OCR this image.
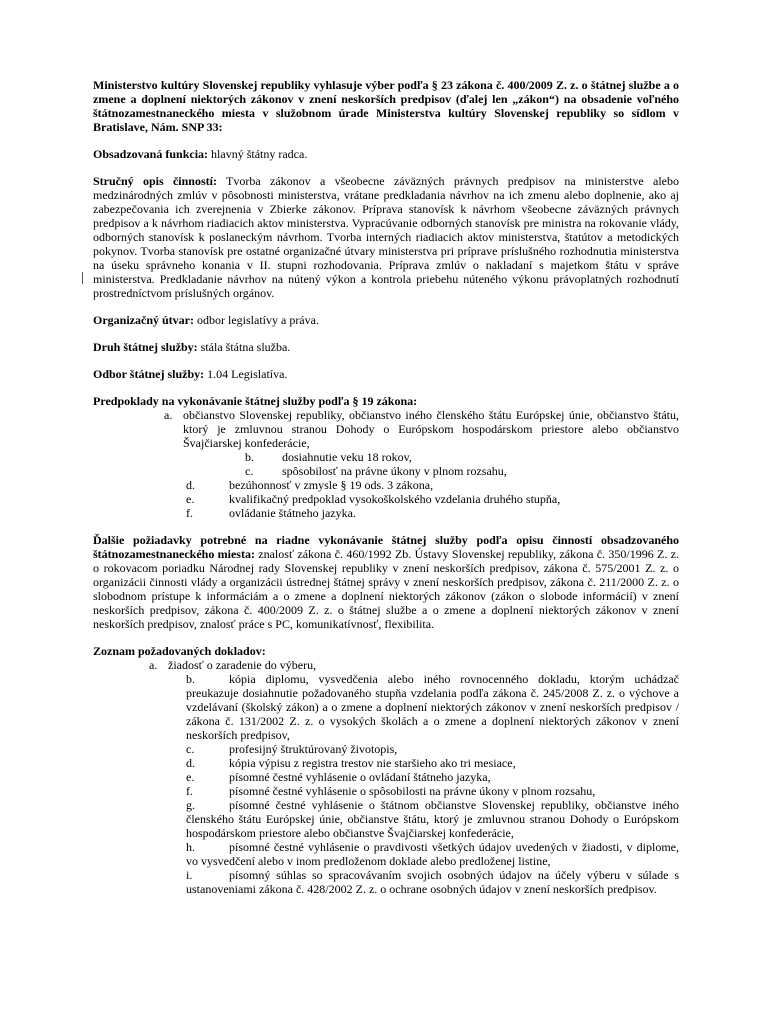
Ministerstvo kultúry Slovenskej republiky vyhlasuje výber podľa § 23 zákona č. 400/2009 Z. z. o štátnej službe a o zmene a doplnení niektorých zákonov v znení neskorších predpisov (ďalej len „zákon“) na obsadenie voľného štátnozamestnaneckého miesta v služobnom úrade Ministerstva kultúry Slovenskej republiky so sídlom v Bratislave, Nám. SNP 33:

Obsadzovaná funkcia: hlavný štátny radca.

Stručný opis činností: Tvorba zákonov a všeobecne záväzných právnych predpisov na ministerstve alebo medzinárodných zmlúv v pôsobnosti ministerstva, vrátane predkladania návrhov na ich zmenu alebo doplnenie, ako aj zabezpečovania ich zverejnenia v Zbierke zákonov. Príprava stanovísk k návrhom všeobecne záväzných právnych predpisov a k návrhom riadiacich aktov ministerstva. Vypracúvanie odborných stanovísk pre ministra na rokovanie vlády, odborných stanovísk k poslaneckým návrhom. Tvorba interných riadiacich aktov ministerstva, štatútov a metodických pokynov. Tvorba stanovísk pre ostatné organizačné útvary ministerstva pri príprave príslušného rozhodnutia ministerstva na úseku správneho konania v II. stupni rozhodovania. Príprava zmlúv o nakladaní s majetkom štátu v správe ministerstva. Predkladanie návrhov na nútený výkon a kontrola priebehu núteného výkonu právoplatných rozhodnutí prostredníctvom príslušných orgánov.

Organizačný útvar: odbor legislatívy a práva.

Druh štátnej služby: stála štátna služba.

Odbor štátnej služby: 1.04 Legislatíva.

Predpoklady na vykonávanie štátnej služby podľa § 19 zákona:

a. občianstvo Slovenskej republiky, občianstvo iného členského štátu Európskej únie, občianstvo štátu, ktorý je zmluvnou stranou Dohody o Európskom hospodárskom priestore alebo občianstvo Švajčiarskej konfederácie,
b.	dosiahnutie veku 18 rokov,
c.	spôsobilosť na právne úkony v plnom rozsahu,
d.	bezúhonnosť v zmysle § 19 ods. 3 zákona,
e.	kvalifikačný predpoklad vysokoškolského vzdelania druhého stupňa,
f.	ovládanie štátneho jazyka.

Ďalšie požiadavky potrebné na riadne vykonávanie štátnej služby podľa opisu činností obsadzovaného štátnozamestnaneckého miesta: znalosť zákona č. 460/1992 Zb. Ústavy Slovenskej republiky, zákona č. 350/1996 Z. z. o rokovacom poriadku Národnej rady Slovenskej republiky v znení neskorších predpisov, zákona č. 575/2001 Z. z. o organizácii činnosti vlády a organizácii ústrednej štátnej správy v znení neskorších predpisov, zákona č. 211/2000 Z. z. o slobodnom prístupe k informáciám a o zmene a doplnení niektorých zákonov (zákon o slobode informácií) v znení neskorších predpisov, zákona č. 400/2009 Z. z. o štátnej službe a o zmene a doplnení niektorých zákonov v znení neskorších predpisov, znalosť práce s PC, komunikatívnosť, flexibilita.

Zoznam požadovaných dokladov:

a. žiadosť o zaradenie do výberu,

b.	kópia diplomu, vysvedčenia alebo iného rovnocenného dokladu, ktorým uchádzač preukazuje dosiahnutie požadovaného stupňa vzdelania podľa zákona č. 245/2008 Z. z. o výchove a vzdelávaní (školský zákon) a o zmene a doplnení niektorých zákonov v znení neskorších predpisov / zákona č. 131/2002 Z. z. o vysokých školách a o zmene a doplnení niektorých zákonov v znení neskorších predpisov,

c.	profesijný štruktúrovaný životopis,
d.	kópia výpisu z registra trestov nie staršieho ako tri mesiace,
e.	písomné čestné vyhlásenie o ovládaní štátneho jazyka,
f.	písomné čestné vyhlásenie o spôsobilosti na právne úkony v plnom rozsahu,

g.	písomné čestné vyhlásenie o štátnom občianstve Slovenskej republiky, občianstve iného členského štátu Európskej únie, občianstve štátu, ktorý je zmluvnou stranou Dohody o Európskom hospodárskom priestore alebo občianstve Švajčiarskej konfederácie,

h.	písomné čestné vyhlásenie o pravdivosti všetkých údajov uvedených v žiadosti, v diplome, vo vysvedčení alebo v inom predloženom doklade alebo predloženej listine,

i.	písomný súhlas so spracovávaním svojich osobných údajov na účely výberu v súlade s ustanoveniami zákona č. 428/2002 Z. z. o ochrane osobných údajov v znení neskorších predpisov.
